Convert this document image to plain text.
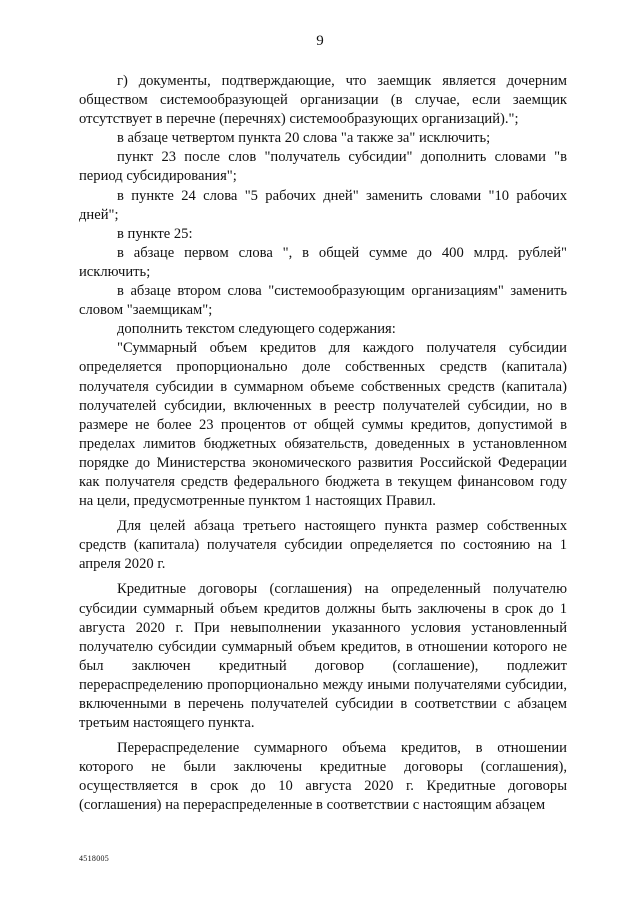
9

г) документы, подтверждающие, что заемщик является дочерним обществом системообразующей организации (в случае, если заемщик отсутствует в перечне (перечнях) системообразующих организаций).";

в абзаце четвертом пункта 20 слова "а также за" исключить;

пункт 23 после слов "получатель субсидии" дополнить словами "в период субсидирования";

в пункте 24 слова "5 рабочих дней" заменить словами "10 рабочих дней";

в пункте 25:

в абзаце первом слова ", в общей сумме до 400 млрд. рублей" исключить;

в абзаце втором слова "системообразующим организациям" заменить словом "заемщикам";

дополнить текстом следующего содержания:

"Суммарный объем кредитов для каждого получателя субсидии определяется пропорционально доле собственных средств (капитала) получателя субсидии в суммарном объеме собственных средств (капитала) получателей субсидии, включенных в реестр получателей субсидии, но в размере не более 23 процентов от общей суммы кредитов, допустимой в пределах лимитов бюджетных обязательств, доведенных в установленном порядке до Министерства экономического развития Российской Федерации как получателя средств федерального бюджета в текущем финансовом году на цели, предусмотренные пунктом 1 настоящих Правил.

Для целей абзаца третьего настоящего пункта размер собственных средств (капитала) получателя субсидии определяется по состоянию на 1 апреля 2020 г.

Кредитные договоры (соглашения) на определенный получателю субсидии суммарный объем кредитов должны быть заключены в срок до 1 августа 2020 г. При невыполнении указанного условия установленный получателю субсидии суммарный объем кредитов, в отношении которого не был заключен кредитный договор (соглашение), подлежит перераспределению пропорционально между иными получателями субсидии, включенными в перечень получателей субсидии в соответствии с абзацем третьим настоящего пункта.

Перераспределение суммарного объема кредитов, в отношении которого не были заключены кредитные договоры (соглашения), осуществляется в срок до 10 августа 2020 г. Кредитные договоры (соглашения) на перераспределенные в соответствии с настоящим абзацем

4518005
